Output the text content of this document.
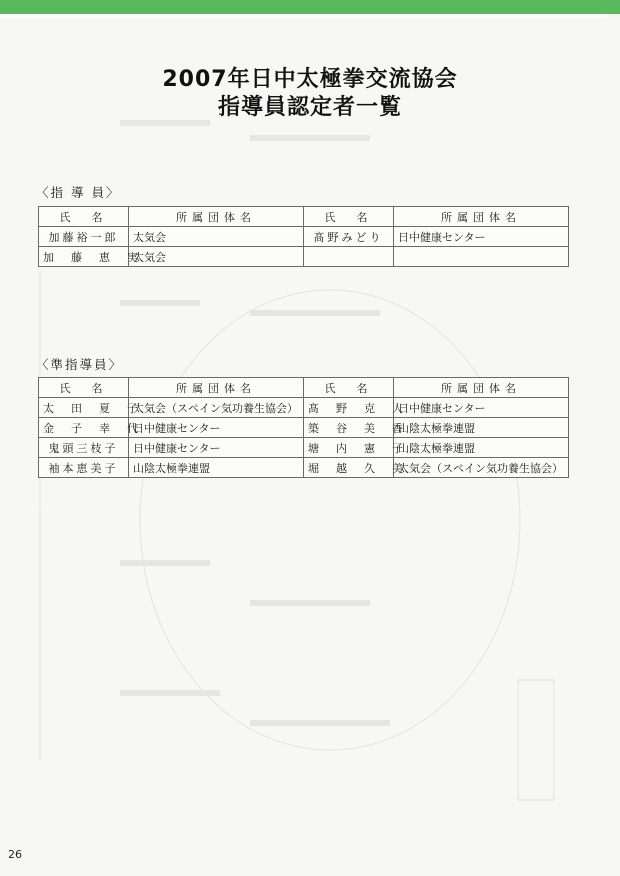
2007年日中太極拳交流協会
指導員認定者一覧
〈指 導 員〉
氏　名	所属団体名	氏　名	所属団体名
加藤裕一郎	太気会	髙野みどり	日中健康センター
加　藤　恵　実	太気会		
〈準指導員〉
氏　名	所属団体名	氏　名	所属団体名
太　田　夏　子	太気会（スペイン気功養生協会）	髙　野　克　人	日中健康センター
金　子　幸　代	日中健康センター	築　谷　美　香	山陰太極拳連盟
鬼頭三枝子	日中健康センター	塘　内　憲　子	山陰太極拳連盟
袖本恵美子	山陰太極拳連盟	堀　越　久　美	太気会（スペイン気功養生協会）
26
